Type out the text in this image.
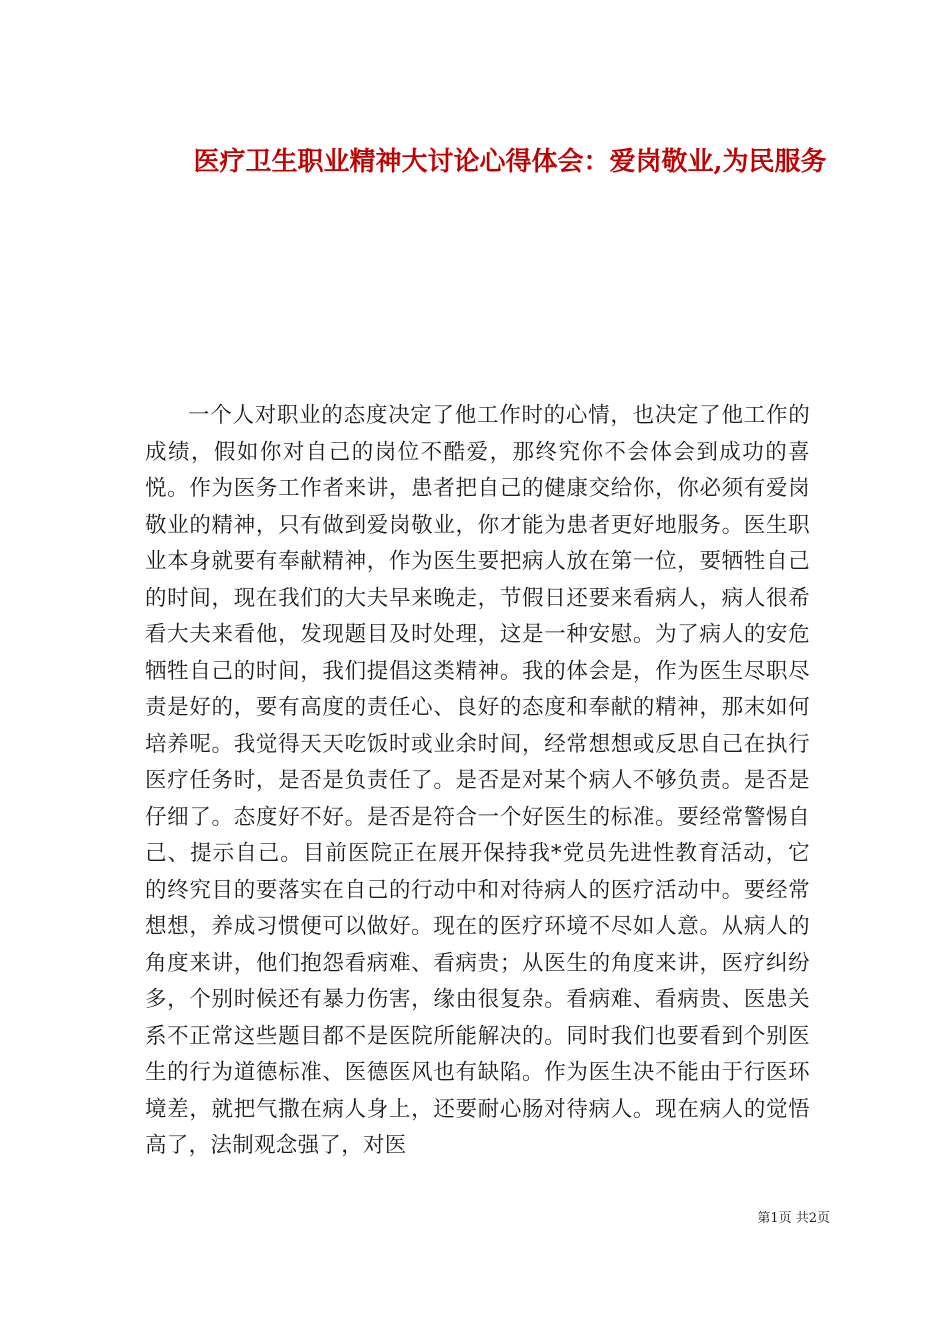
医疗卫生职业精神大讨论心得体会：爱岗敬业,为民服务

一个人对职业的态度决定了他工作时的心情，也决定了他工作的成绩，假如你对自己的岗位不酷爱，那终究你不会体会到成功的喜悦。作为医务工作者来讲，患者把自己的健康交给你，你必须有爱岗敬业的精神，只有做到爱岗敬业，你才能为患者更好地服务。医生职业本身就要有奉献精神，作为医生要把病人放在第一位，要牺牲自己的时间，现在我们的大夫早来晚走，节假日还要来看病人，病人很希看大夫来看他，发现题目及时处理，这是一种安慰。为了病人的安危牺牲自己的时间，我们提倡这类精神。我的体会是，作为医生尽职尽责是好的，要有高度的责任心、良好的态度和奉献的精神，那末如何培养呢。我觉得天天吃饭时或业余时间，经常想想或反思自己在执行医疗任务时，是否是负责任了。是否是对某个病人不够负责。是否是仔细了。态度好不好。是否是符合一个好医生的标准。要经常警惕自己、提示自己。目前医院正在展开保持我*党员先进性教育活动，它的终究目的要落实在自己的行动中和对待病人的医疗活动中。要经常想想，养成习惯便可以做好。现在的医疗环境不尽如人意。从病人的角度来讲，他们抱怨看病难、看病贵；从医生的角度来讲，医疗纠纷多，个别时候还有暴力伤害，缘由很复杂。看病难、看病贵、医患关系不正常这些题目都不是医院所能解决的。同时我们也要看到个别医生的行为道德标准、医德医风也有缺陷。作为医生决不能由于行医环境差，就把气撒在病人身上，还要耐心肠对待病人。现在病人的觉悟高了，法制观念强了，对医

第1页 共2页
